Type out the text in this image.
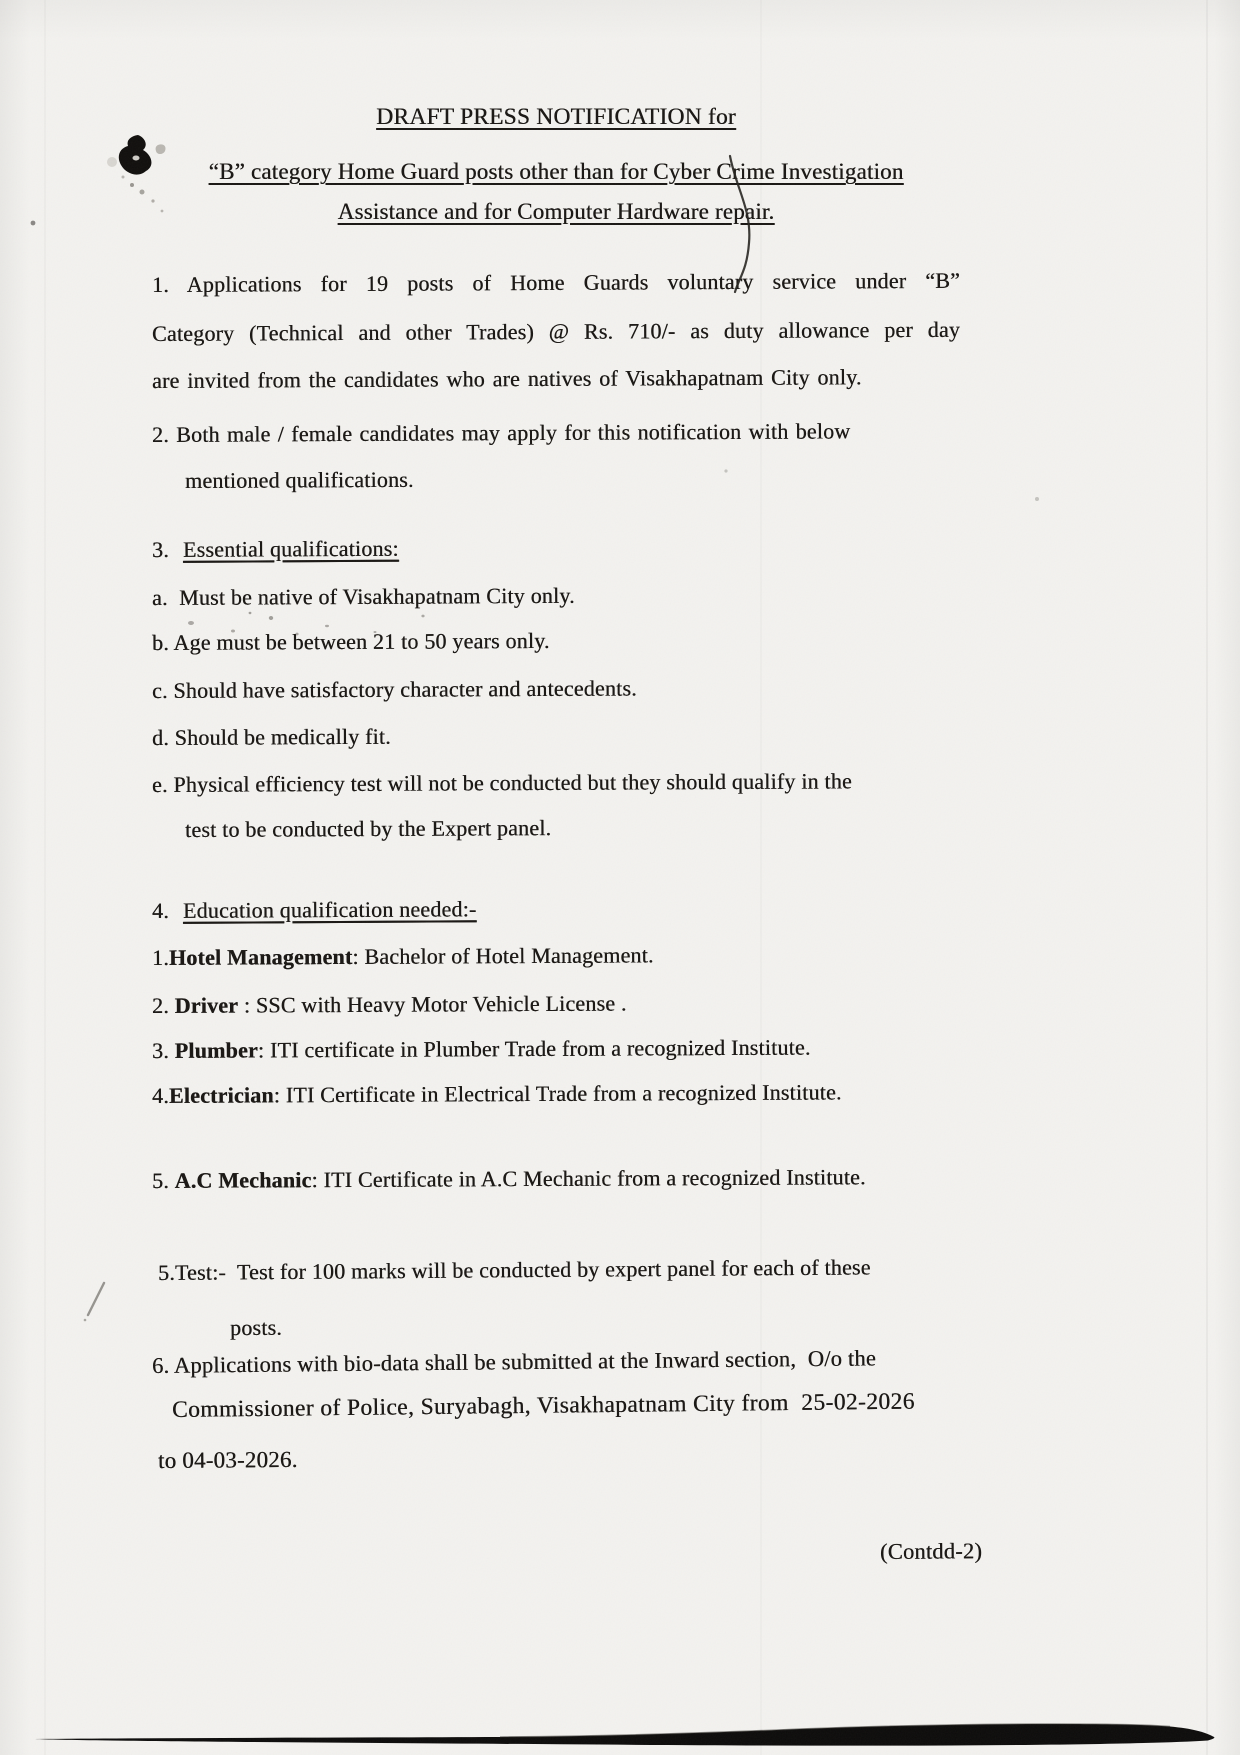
DRAFT PRESS NOTIFICATION for
“B” category Home Guard posts other than for Cyber Crime Investigation
Assistance and for Computer Hardware repair.
1. Applications for 19 posts of Home Guards voluntary service under “B”
Category (Technical and other Trades) @ Rs. 710/- as duty allowance per day
are invited from the candidates who are natives of Visakhapatnam City only.
2. Both male / female candidates may apply for this notification with below
mentioned qualifications.
3. Essential qualifications:
a.  Must be native of Visakhapatnam City only.
b. Age must be between 21 to 50 years only.
c. Should have satisfactory character and antecedents.
d. Should be medically fit.
e. Physical efficiency test will not be conducted but they should qualify in the
test to be conducted by the Expert panel.
4. Education qualification needed:-
1.Hotel Management: Bachelor of Hotel Management.
2. Driver : SSC with Heavy Motor Vehicle License .
3. Plumber: ITI certificate in Plumber Trade from a recognized Institute.
4.Electrician: ITI Certificate in Electrical Trade from a recognized Institute.
5. A.C Mechanic: ITI Certificate in A.C Mechanic from a recognized Institute.
5.Test:-  Test for 100 marks will be conducted by expert panel for each of these
posts.
6. Applications with bio-data shall be submitted at the Inward section,  O/o the
Commissioner of Police, Suryabagh, Visakhapatnam City from  25-02-2026
to 04-03-2026.
(Contdd-2)
